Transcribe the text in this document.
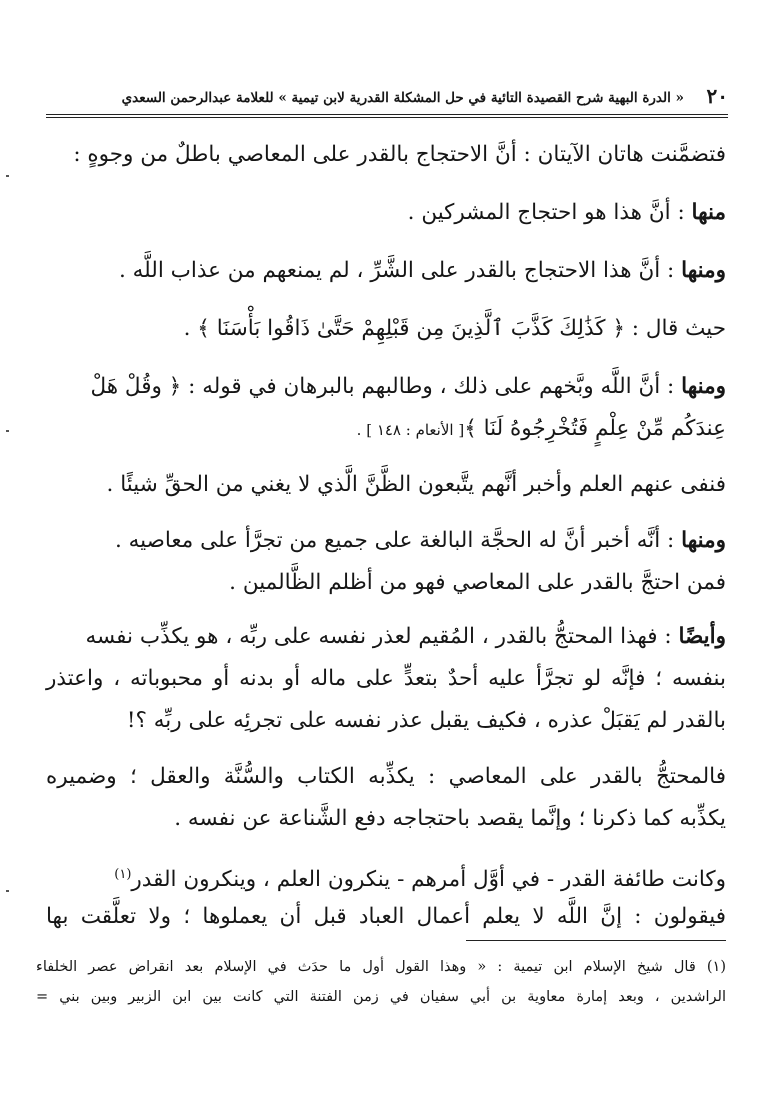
٢٠
« الدرة البهية شرح القصيدة التائية في حل المشكلة القدرية لابن تيمية » للعلامة عبدالرحمن السعدي
فتضمَّنت هاتان الآيتان : أنَّ الاحتجاج بالقدر على المعاصي باطلٌ من وجوهٍ :
منها : أنَّ هذا هو احتجاج المشركين .
ومنها : أنَّ هذا الاحتجاج بالقدر على الشَّرِّ ، لم يمنعهم من عذاب اللَّه .
حيث قال : ﴿ كَذَٰلِكَ كَذَّبَ ٱلَّذِينَ مِن قَبْلِهِمْ حَتَّىٰ ذَاقُوا بَأْسَنَا ﴾ .
ومنها : أنَّ اللَّه وبَّخهم على ذلك ، وطالبهم بالبرهان في قوله : ﴿ وقُلْ هَلْ
عِندَكُم مِّنْ عِلْمٍ فَتُخْرِجُوهُ لَنَا ﴾[ الأنعام : ١٤٨ ] .
فنفى عنهم العلم وأخبر أنَّهم يتَّبعون الظَّنَّ الَّذي لا يغني من الحقِّ شيئًا .
ومنها : أنَّه أخبر أنَّ له الحجَّة البالغة على جميع من تجرَّأ على معاصيه .
فمن احتجَّ بالقدر على المعاصي فهو من أظلم الظَّالمين .
وأيضًا : فهذا المحتجُّ بالقدر ، المُقيم لعذر نفسه على ربِّه ، هو يكذِّب نفسه
بنفسه ؛ فإنَّه لو تجرَّأ عليه أحدٌ بتعدٍّ على ماله أو بدنه أو محبوباته ، واعتذر
بالقدر لم يَقبَلْ عذره ، فكيف يقبل عذر نفسه على تجرئِه على ربِّه ؟!
فالمحتجُّ بالقدر على المعاصي : يكذِّبه الكتاب والسُّنَّة والعقل ؛ وضميره
يكذِّبه كما ذكرنا ؛ وإنَّما يقصد باحتجاجه دفع الشَّناعة عن نفسه .
وكانت طائفة القدر - في أوَّل أمرهم - ينكرون العلم ، وينكرون القدر$^{(١)}$
فيقولون : إنَّ اللَّه لا يعلم أعمال العباد قبل أن يعملوها ؛ ولا تعلَّقت بها
(١) قال شيخ الإسلام ابن تيمية : « وهذا القول أول ما حدَث في الإسلام بعد انقراض عصر الخلفاء
الراشدين ، وبعد إمارة معاوية بن أبي سفيان في زمن الفتنة التي كانت بين ابن الزبير وبين بني =
